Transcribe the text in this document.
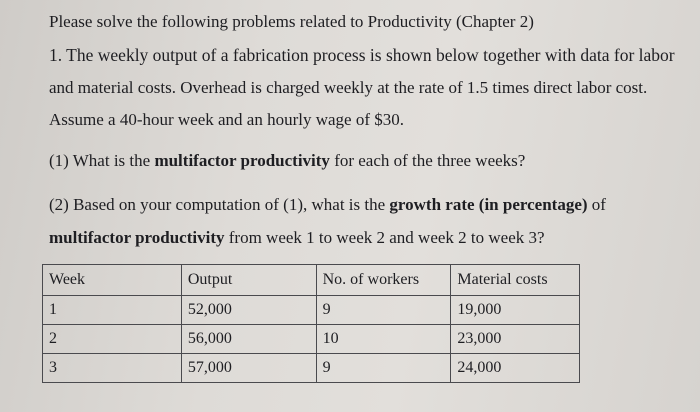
Please solve the following problems related to Productivity (Chapter 2)
1. The weekly output of a fabrication process is shown below together with data for labor
and material costs. Overhead is charged weekly at the rate of 1.5 times direct labor cost.
Assume a 40-hour week and an hourly wage of $30.
(1) What is the multifactor productivity for each of the three weeks?
(2) Based on your computation of (1), what is the growth rate (in percentage) of
multifactor productivity from week 1 to week 2 and week 2 to week 3?
Week	Output	No. of workers	Material costs
1	52,000	9	19,000
2	56,000	10	23,000
3	57,000	9	24,000
